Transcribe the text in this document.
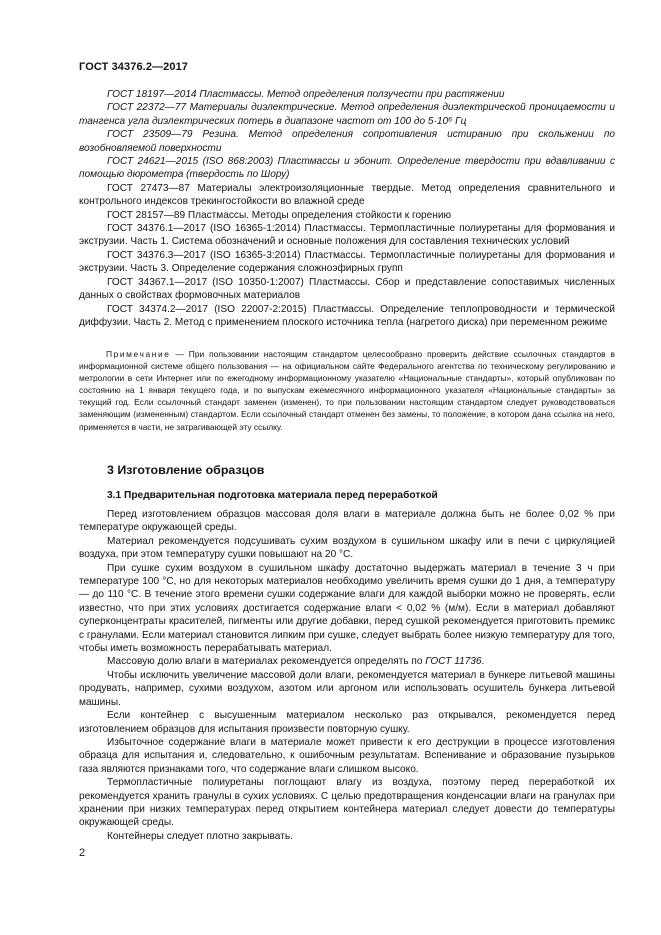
ГОСТ 34376.2—2017

ГОСТ 18197—2014 Пластмассы. Метод определения ползучести при растяжении

ГОСТ 22372—77 Материалы диэлектрические. Метод определения диэлектрической проницаемости и тангенса угла диэлектрических потерь в диапазоне частот от 100 до 5·10⁶ Гц

ГОСТ 23509—79 Резина. Метод определения сопротивления истиранию при скольжении по возобновляемой поверхности

ГОСТ 24621—2015 (ISO 868:2003) Пластмассы и эбонит. Определение твердости при вдавливании с помощью дюрометра (твердость по Шору)

ГОСТ 27473—87 Материалы электроизоляционные твердые. Метод определения сравнительного и контрольного индексов трекингостойкости во влажной среде

ГОСТ 28157—89 Пластмассы. Методы определения стойкости к горению

ГОСТ 34376.1—2017 (ISO 16365-1:2014) Пластмассы. Термопластичные полиуретаны для формования и экструзии. Часть 1. Система обозначений и основные положения для составления технических условий

ГОСТ 34376.3—2017 (ISO 16365-3:2014) Пластмассы. Термопластичные полиуретаны для формования и экструзии. Часть 3. Определение содержания сложноэфирных групп

ГОСТ 34367.1—2017 (ISO 10350-1:2007) Пластмассы. Сбор и представление сопоставимых численных данных о свойствах формовочных материалов

ГОСТ 34374.2—2017 (ISO 22007-2:2015) Пластмассы. Определение теплопроводности и термической диффузии. Часть 2. Метод с применением плоского источника тепла (нагретого диска) при переменном режиме

Примечание — При пользовании настоящим стандартом целесообразно проверить действие ссылочных стандартов в информационной системе общего пользования — на официальном сайте Федерального агентства по техническому регулированию и метрологии в сети Интернет или по ежегодному информационному указателю «Национальные стандарты», который опубликован по состоянию на 1 января текущего года, и по выпускам ежемесячного информационного указателя «Национальные стандарты» за текущий год. Если ссылочный стандарт заменен (изменен), то при пользовании настоящим стандартом следует руководствоваться заменяющим (измененным) стандартом. Если ссылочный стандарт отменен без замены, то положение, в котором дана ссылка на него, применяется в части, не затрагивающей эту ссылку.

3 Изготовление образцов
3.1 Предварительная подготовка материала перед переработкой

Перед изготовлением образцов массовая доля влаги в материале должна быть не более 0,02 % при температуре окружающей среды.

Материал рекомендуется подсушивать сухим воздухом в сушильном шкафу или в печи с циркуляцией воздуха, при этом температуру сушки повышают на 20 °С.

При сушке сухим воздухом в сушильном шкафу достаточно выдержать материал в течение 3 ч при температуре 100 °С, но для некоторых материалов необходимо увеличить время сушки до 1 дня, а температуру — до 110 °С. В течение этого времени сушки содержание влаги для каждой выборки можно не проверять, если известно, что при этих условиях достигается содержание влаги < 0,02 % (м/м). Если в материал добавляют суперконцентраты красителей, пигменты или другие добавки, перед сушкой рекомендуется приготовить премикс с гранулами. Если материал становится липким при сушке, следует выбрать более низкую температуру для того, чтобы иметь возможность перерабатывать материал.

Массовую долю влаги в материалах рекомендуется определять по ГОСТ 11736.

Чтобы исключить увеличение массовой доли влаги, рекомендуется материал в бункере литьевой машины продувать, например, сухими воздухом, азотом или аргоном или использовать осушитель бункера литьевой машины.

Если контейнер с высушенным материалом несколько раз открывался, рекомендуется перед изготовлением образцов для испытания произвести повторную сушку.

Избыточное содержание влаги в материале может привести к его деструкции в процессе изготовления образца для испытания и, следовательно, к ошибочным результатам. Вспенивание и образование пузырьков газа являются признаками того, что содержание влаги слишком высоко.

Термопластичные полиуретаны поглощают влагу из воздуха, поэтому перед переработкой их рекомендуется хранить гранулы в сухих условиях. С целью предотвращения конденсации влаги на гранулах при хранении при низких температурах перед открытием контейнера материал следует довести до температуры окружающей среды.

Контейнеры следует плотно закрывать.

2
